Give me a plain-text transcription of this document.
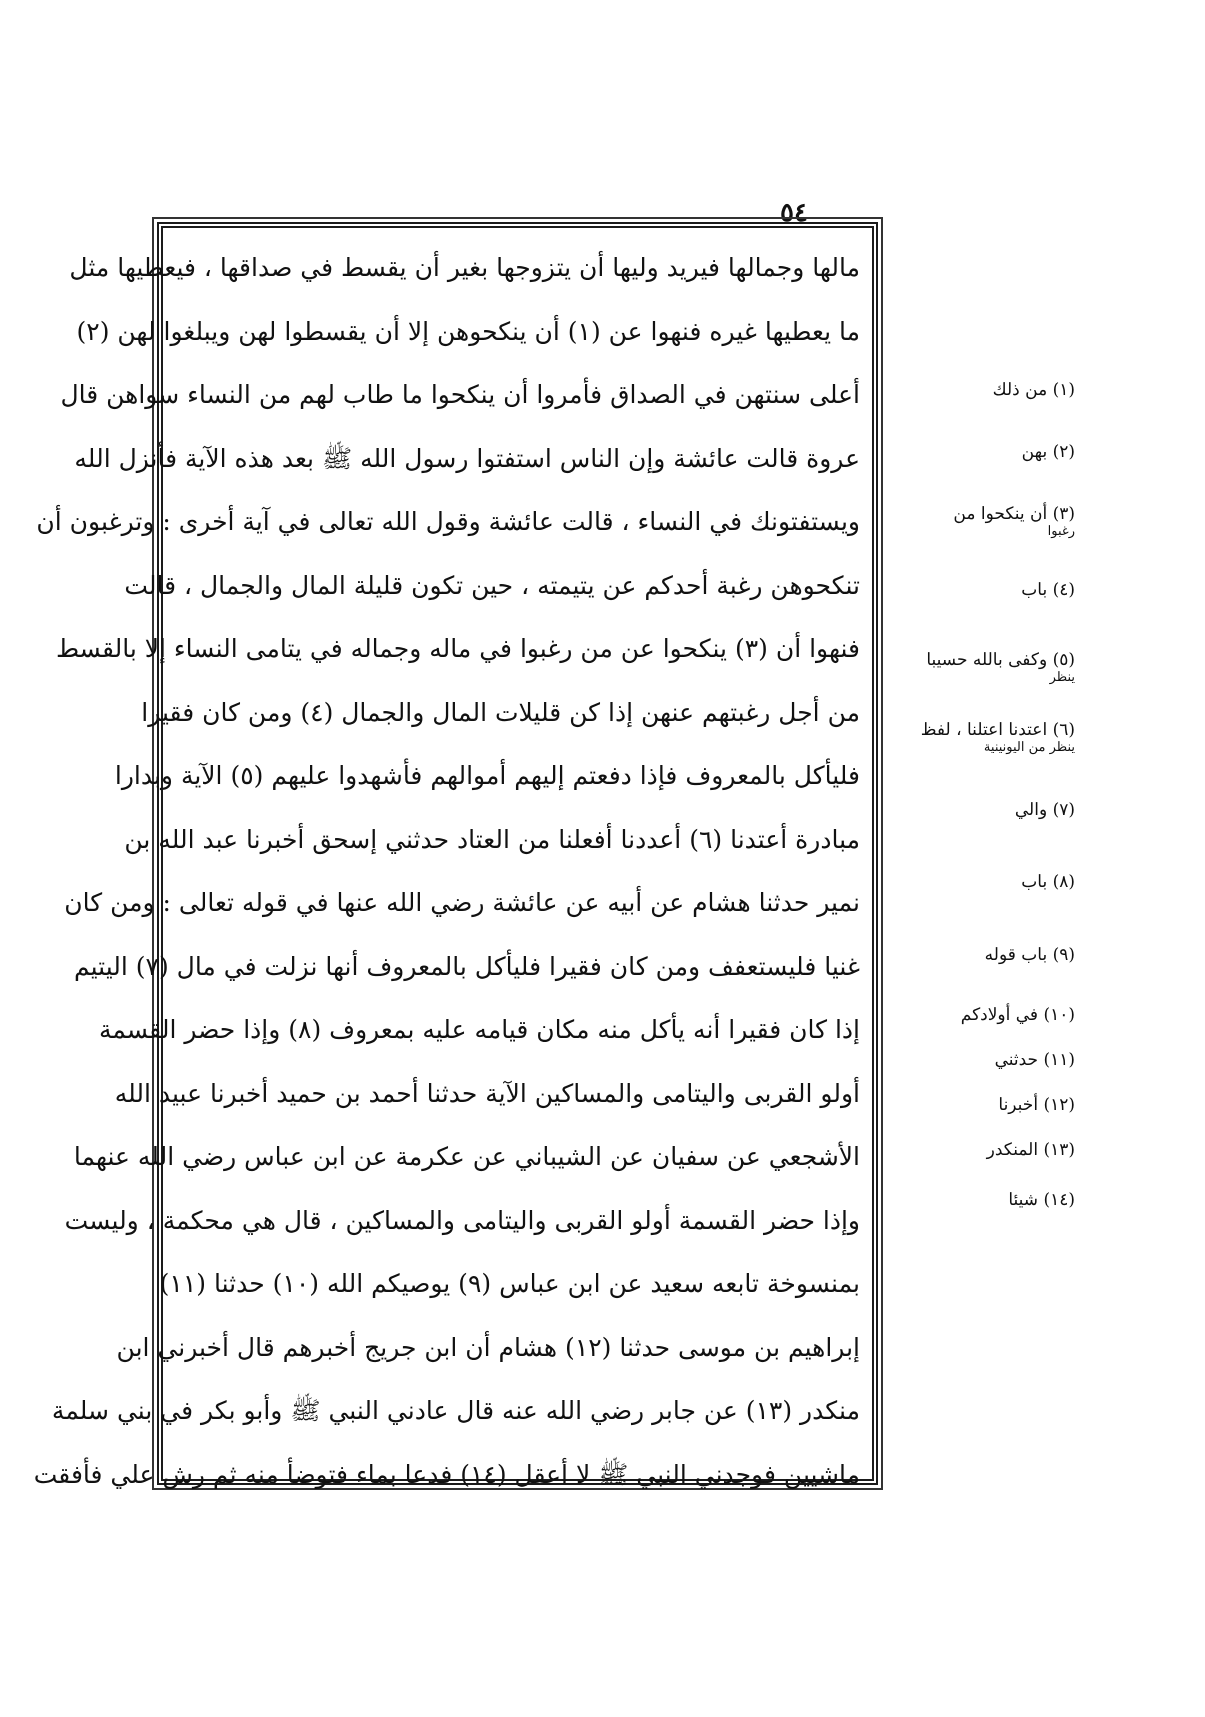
٥٤
مالها وجمالها فيريد وليها أن يتزوجها بغير أن يقسط في صداقها ، فيعطيها مثل
ما يعطيها غيره فنهوا عن (١) أن ينكحوهن إلا أن يقسطوا لهن ويبلغوا لهن (٢)
أعلى سنتهن في الصداق فأمروا أن ينكحوا ما طاب لهم من النساء سواهن قال
عروة قالت عائشة وإن الناس استفتوا رسول الله ﷺ بعد هذه الآية فأنزل الله
ويستفتونك في النساء ، قالت عائشة وقول الله تعالى في آية أخرى : وترغبون أن
تنكحوهن رغبة أحدكم عن يتيمته ، حين تكون قليلة المال والجمال ، قالت
فنهوا أن (٣) ينكحوا عن من رغبوا في ماله وجماله في يتامى النساء إلا بالقسط
من أجل رغبتهم عنهن إذا كن قليلات المال والجمال (٤) ومن كان فقيرا
فليأكل بالمعروف فإذا دفعتم إليهم أموالهم فأشهدوا عليهم (٥) الآية وبدارا
مبادرة أعتدنا (٦) أعددنا أفعلنا من العتاد حدثني إسحق أخبرنا عبد الله بن
نمير حدثنا هشام عن أبيه عن عائشة رضي الله عنها في قوله تعالى : ومن كان
غنيا فليستعفف ومن كان فقيرا فليأكل بالمعروف أنها نزلت في مال (٧) اليتيم
إذا كان فقيرا أنه يأكل منه مكان قيامه عليه بمعروف (٨) وإذا حضر القسمة
أولو القربى واليتامى والمساكين الآية حدثنا أحمد بن حميد أخبرنا عبيد الله
الأشجعي عن سفيان عن الشيباني عن عكرمة عن ابن عباس رضي الله عنهما
وإذا حضر القسمة أولو القربى واليتامى والمساكين ، قال هي محكمة ، وليست
بمنسوخة تابعه سعيد عن ابن عباس (٩) يوصيكم الله (١٠) حدثنا (١١)
إبراهيم بن موسى حدثنا (١٢) هشام أن ابن جريج أخبرهم قال أخبرني ابن
منكدر (١٣) عن جابر رضي الله عنه قال عادني النبي ﷺ وأبو بكر في بني سلمة
ماشيين فوجدني النبي ﷺ لا أعقل (١٤) فدعا بماء فتوضأ منه ثم رش علي فأفقت
(١) من ذلك
(٢) بهن
(٣) أن ينكحوا من
رغبوا
(٤) باب
(٥) وكفى بالله حسيبا
ينظر
(٦) اعتدنا اعتلنا ، لفظ
ينظر من اليونينية
(٧) والي
(٨) باب
(٩) باب قوله
(١٠) في أولادكم
(١١) حدثني
(١٢) أخبرنا
(١٣) المنكدر
(١٤) شيئا
